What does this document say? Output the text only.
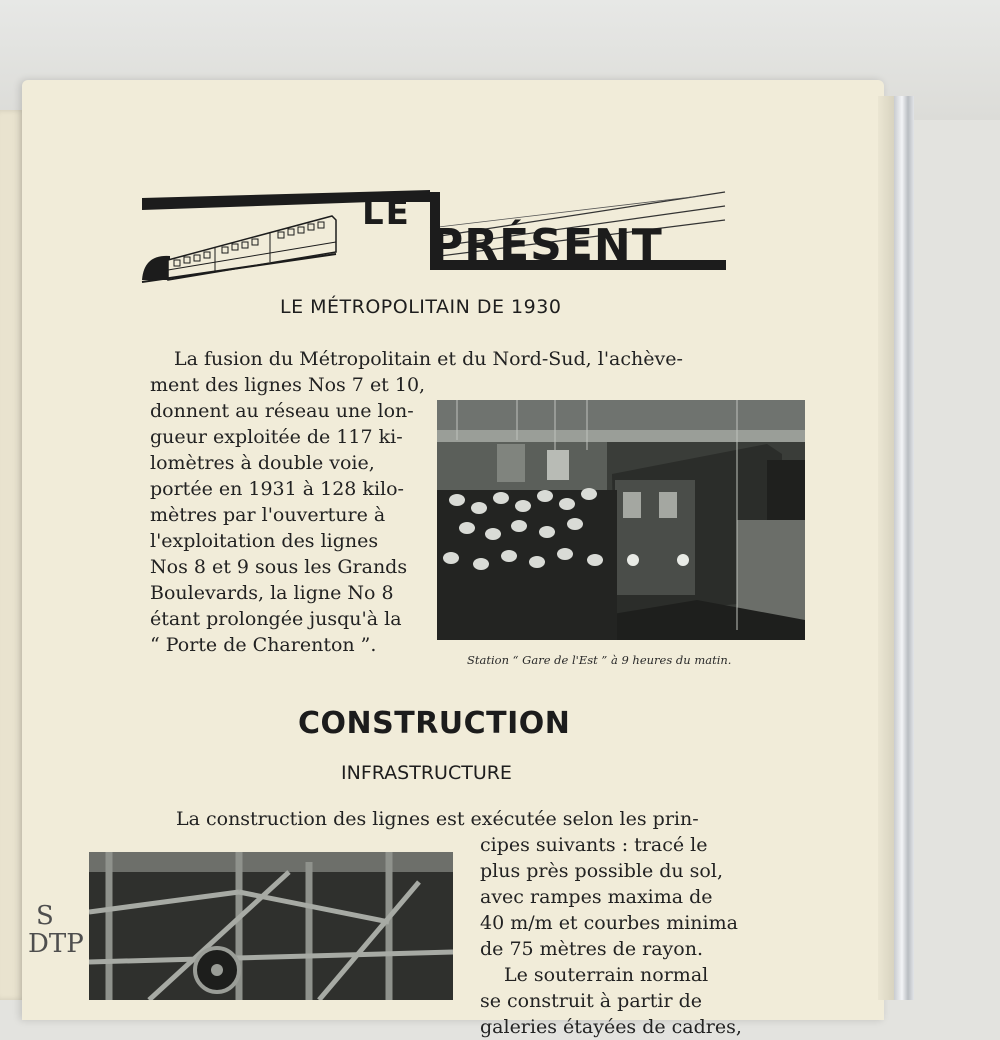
LE
PRÉSENT
LE MÉTROPOLITAIN DE 1930
La fusion du Métropolitain et du Nord-Sud, l'achève-
ment des lignes Nos 7 et 10,
donnent au réseau une lon-
gueur exploitée de 117 ki-
lomètres à double voie,
portée en 1931 à 128 kilo-
mètres par l'ouverture à
l'exploitation des lignes
Nos 8 et 9 sous les Grands
Boulevards, la ligne No 8
étant prolongée jusqu'à la
“ Porte de Charenton ”.
Station “ Gare de l'Est ” à 9 heures du matin.
CONSTRUCTION
INFRASTRUCTURE
La construction des lignes est exécutée selon les prin-
cipes suivants : tracé le
plus près possible du sol,
avec rampes maxima de
40 m/m et courbes minima
de 75 mètres de rayon.
Le souterrain normal
se construit à partir de
galeries étayées de cadres,
S
DTP
